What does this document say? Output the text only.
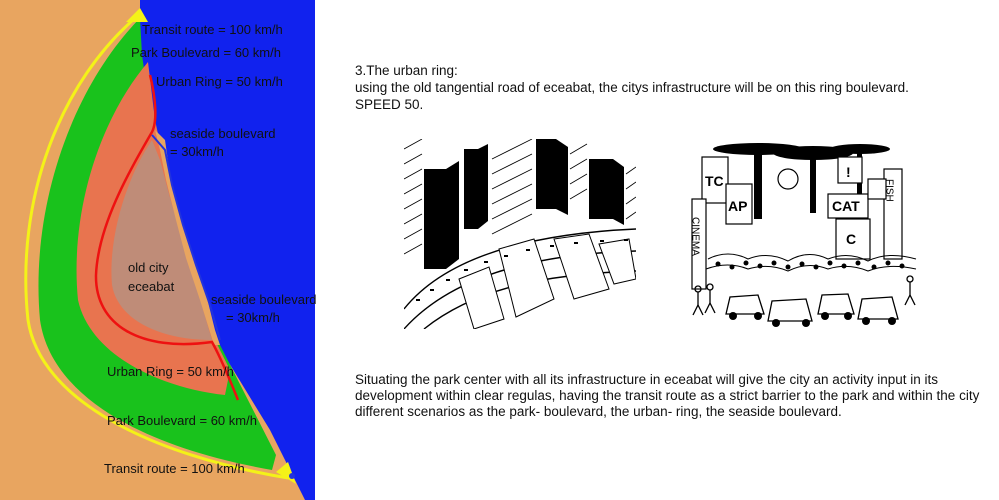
Transit route = 100 km/h
Park Boulevard = 60 km/h
Urban Ring = 50 km/h
seaside boulevard
= 30km/h
old city
eceabat
seaside boulevard
= 30km/h
Urban Ring = 50 km/h
Park Boulevard = 60 km/h
Transit route = 100 km/h
3.The urban ring:
using the old tangential road of eceabat, the citys infrastructure will be on this ring boulevard.
SPEED 50.
TC
AP
!
CAT
C
CINEMA
FISH
Situating the park center with all its infrastructure in eceabat will give the city an activity input in its development within clear regulas, having the transit route as a strict barrier to the park and within the city different scenarios as the park- boulevard, the urban- ring, the seaside boulevard.
